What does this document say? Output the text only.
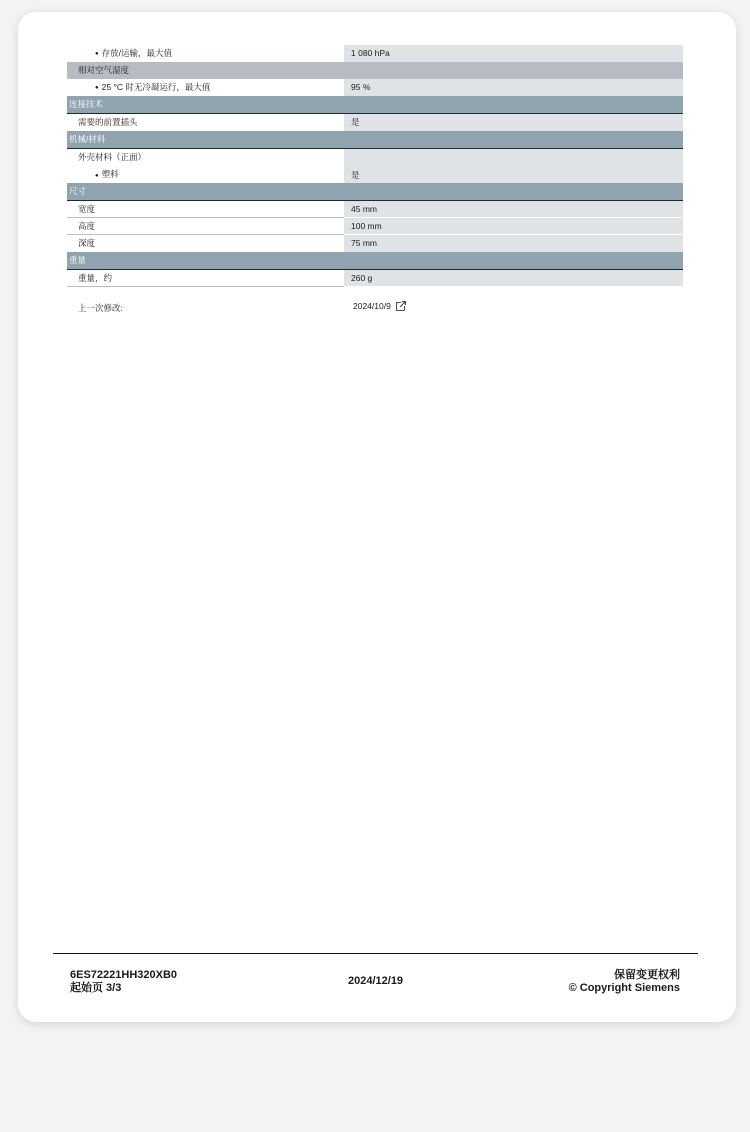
● 存放/运输，最大值	1 080 hPa
相对空气湿度
● 25 °C 时无冷凝运行，最大值	95 %
连接技术
需要的前置插头	是
机械/材料
外壳材料（正面）
● 塑料	是
尺寸
宽度	45 mm
高度	100 mm
深度	75 mm
重量
重量，约	260 g
上一次修改:	2024/10/9
6ES72221HH320XB0
起始页 3/3
2024/12/19	保留变更权利
© Copyright Siemens
